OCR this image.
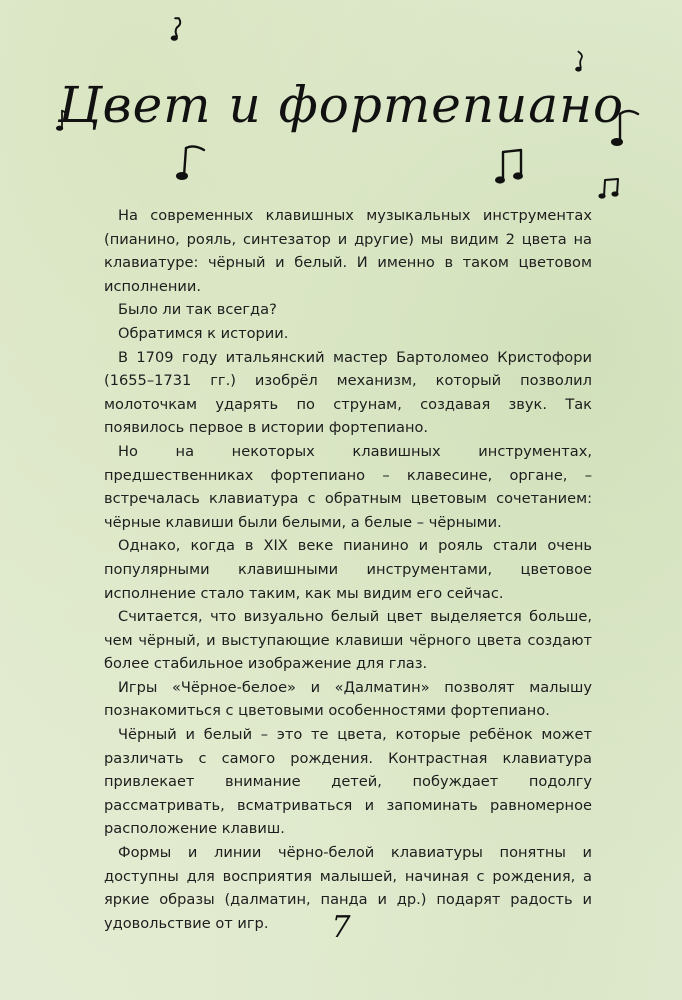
Цвет и фортепиано

На современных клавишных музыкальных инструментах (пианино, рояль, синтезатор и другие) мы видим 2 цвета на клавиатуре: чёрный и белый. И именно в таком цветовом исполнении.

Было ли так всегда?

Обратимся к истории.

В 1709 году итальянский мастер Бартоломео Кристофори (1655–1731 гг.) изобрёл механизм, который позволил молоточкам ударять по струнам, создавая звук. Так появилось первое в истории фортепиано.

Но на некоторых клавишных инструментах, предшественниках фортепиано – клавесине, органе, – встречалась клавиатура с обратным цветовым сочетанием: чёрные клавиши были белыми, а белые – чёрными.

Однако, когда в XIX веке пианино и рояль стали очень популярными клавишными инструментами, цветовое исполнение стало таким, как мы видим его сейчас.

Считается, что визуально белый цвет выделяется больше, чем чёрный, и выступающие клавиши чёрного цвета создают более стабильное изображение для глаз.

Игры «Чёрное-белое» и «Далматин» позволят малышу познакомиться с цветовыми особенностями фортепиано.

Чёрный и белый – это те цвета, которые ребёнок может различать с самого рождения. Контрастная клавиатура привлекает внимание детей, побуждает подолгу рассматривать, всматриваться и запоминать равномерное расположение клавиш.

Формы и линии чёрно-белой клавиатуры понятны и доступны для восприятия малышей, начиная с рождения, а яркие образы (далматин, панда и др.) подарят радость и удовольствие от игр.	7
